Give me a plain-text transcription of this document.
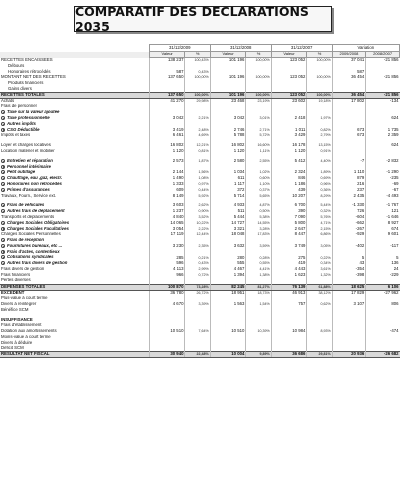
COMPARATIF DES DECLARATIONS 2035
	31/12/2009		31/12/2008		31/12/2007		Variation	
	Valeur	%	Valeur	%	Valeur	%	2009/2008	2008/2007
RECETTES ENCAISSEES	138 237	100,43%	101 196	100,00%	123 052	100,00%	37 041	-21 856
Débours								
Honoraires rétrocédés	587	0,43%					587	
MONTANT NET DES RECETTES	137 650	100,00%	101 196	100,00%	123 052	100,00%	36 454	-21 856
Produits financiers								
Gains divers								
RECETTES TOTALES	137 650	100,00%	101 196	100,00%	123 052	100,00%	36 454	-21 856
Achats	41 270	29,98%	23 468	23,19%	23 602	19,18%	17 802	-134
Frais de personnel								
Taxe sur la valeur ajoutée								
Taxe professionnelle	3 042	2,21%	3 042	3,01%	2 418	1,97%		624
Autres impôts								
CSG Déductible	3 419	2,48%	2 746	2,71%	1 011	0,82%	673	1 735
Impôts et taxes	6 461	4,69%	5 788	5,72%	3 429	2,79%	673	2 359

Loyer et charges locatives	16 802	12,21%	16 802	16,60%	16 178	13,15%		624
Location matériel et mobilier	1 120	0,81%	1 120	1,11%	1 120	0,91%		

Entretien et réparation	2 573	1,87%	2 580	2,55%	5 412	4,40%	-7	-2 832
Personnel intérimaire								
Petit outillage	2 144	1,56%	1 034	1,02%	2 324	1,89%	1 110	-1 290
Chauffage, eau ,gaz, electr.	1 490	1,08%	611	0,60%	846	0,69%	879	-235
Honoraires non rétrocédés	1 333	0,97%	1 117	1,10%	1 186	0,96%	216	-69
Primes d'assurances	609	0,44%	372	0,37%	439	0,36%	237	-67
Travaux, Fourn., Service ext.	8 149	5,92%	5 714	5,65%	10 207	8,29%	2 435	-4 493

Frais de véhicules	3 603	2,62%	4 933	4,87%	6 700	5,44%	-1 330	-1 767
Autres frais de déplacement	1 237	0,90%	511	0,50%	390	0,32%	726	121
Transports et déplacements	4 840	3,52%	5 444	5,38%	7 090	5,76%	-604	-1 646
Charges Sociales Obligatoires	14 065	10,22%	14 727	14,55%	5 800	4,71%	-662	8 927
Charges Sociales Facultatives	3 054	2,22%	3 321	3,28%	2 647	2,15%	-267	674
Charges Sociales Personnelles	17 119	12,44%	18 048	17,83%	8 447	6,86%	-929	9 601
Frais de réception								
Fournitures bureaux, etc ...	3 230	2,35%	3 632	3,59%	3 749	3,05%	-402	-117
Frais d'actes, contentieux								
Cotisations syndicales	285	0,21%	280	0,28%	275	0,22%	5	5
Autres frais divers de gestion	596	0,43%	555	0,55%	419	0,34%	43	136
Frais divers de gestion	4 113	2,99%	4 467	4,41%	4 443	3,61%	-354	24
Frais financiers	966	0,72%	1 394	1,38%	1 623	1,32%	-398	-229
Pertes diverses								
DEPENSES TOTALES	100 870	73,28%	82 245	81,27%	76 139	61,88%	18 625	6 106
EXCEDENT	36 780	26,72%	18 951	18,73%	46 913	38,12%	17 829	-27 962
Plus-value à court terme								
Divers à réintégrer	4 670	3,39%	1 563	1,54%	757	0,62%	3 107	806
Bénéfice SCM								

INSUFFISANCE								
Frais d'établissement								
Dotation aux amortissements	10 510	7,64%	10 510	10,39%	10 984	8,93%		-474
Moins-value à court terme								
Divers à déduire								
Déficit SCM								
RESULTAT NET FISCAL	30 940	22,48%	10 004	9,89%	36 686	29,81%	20 936	-26 682
